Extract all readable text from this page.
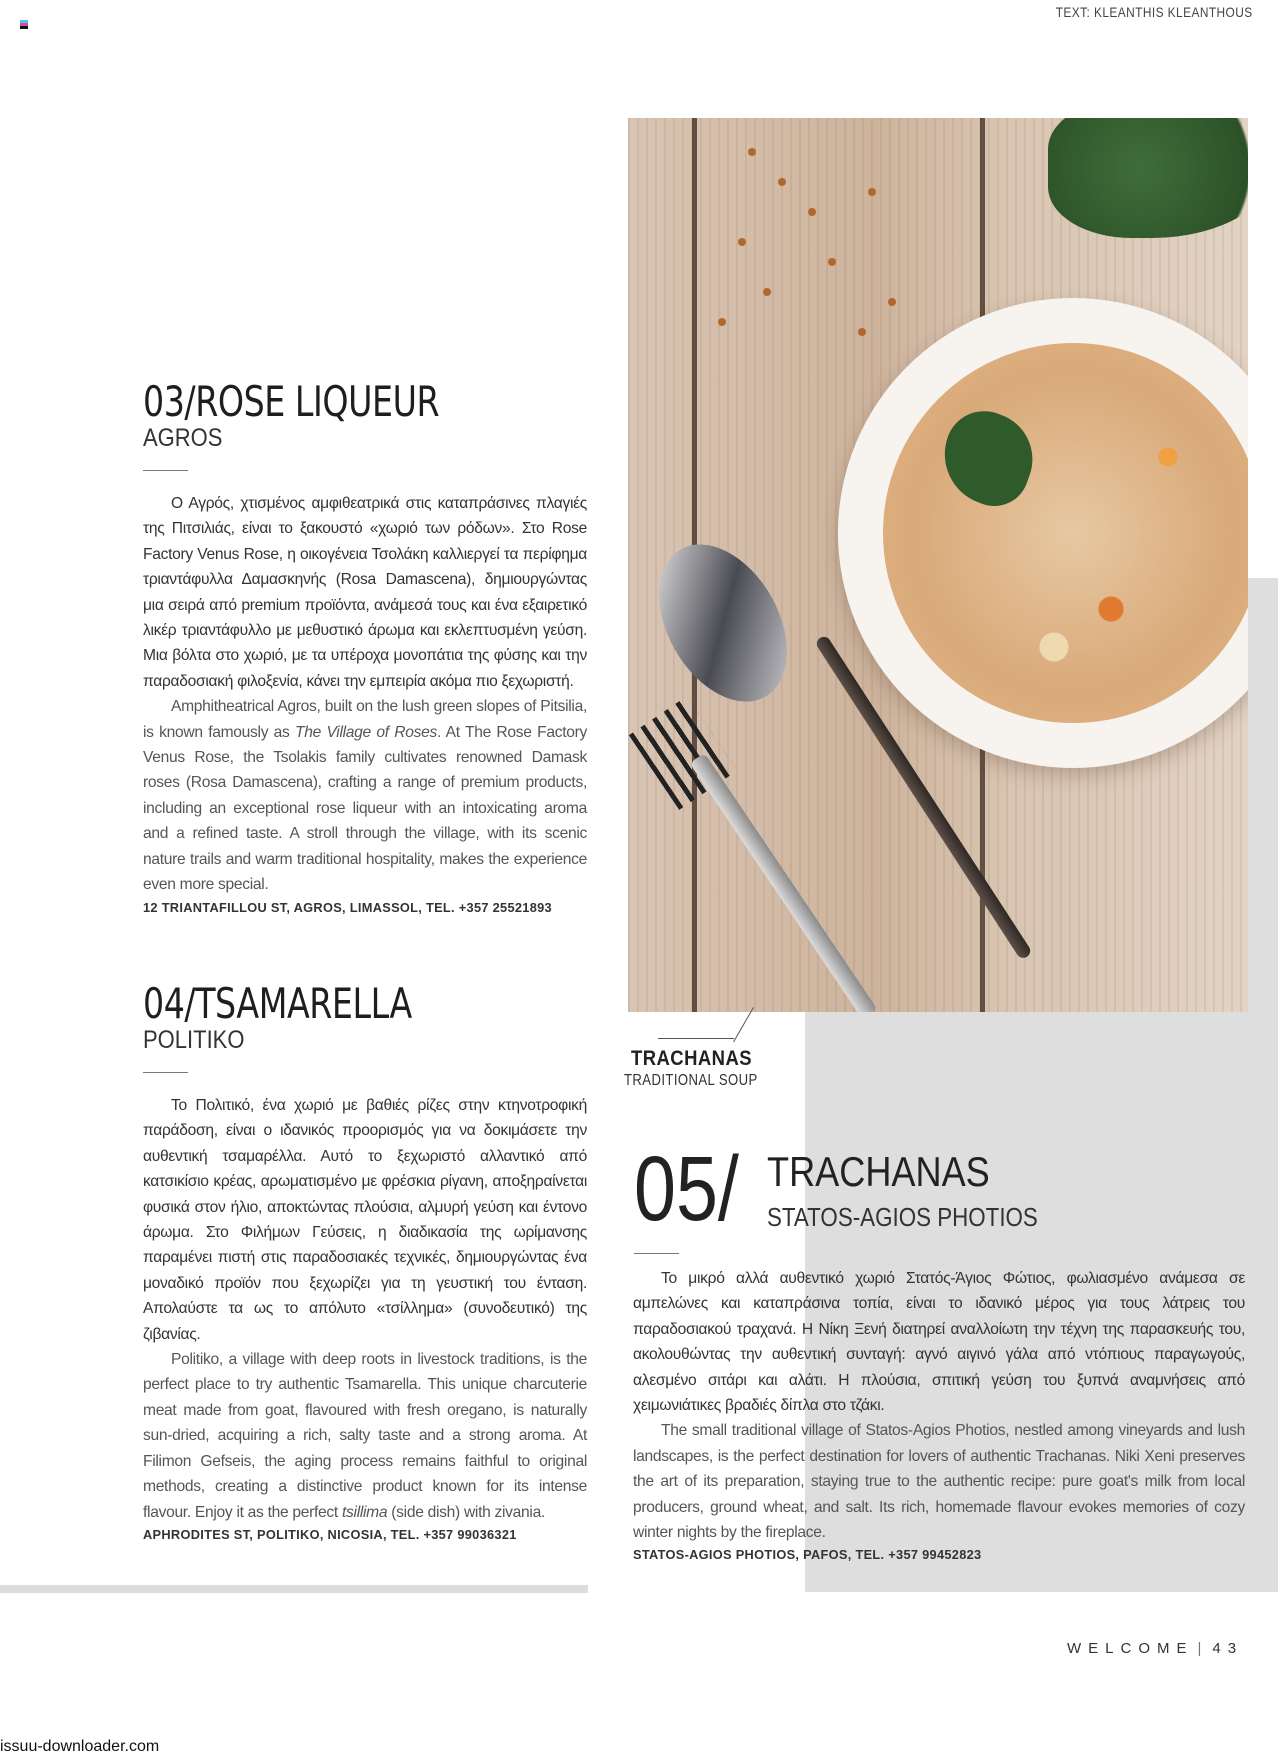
TEXT: KLEANTHIS KLEANTHOUS
TRACHANAS
TRADITIONAL SOUP
03/ROSE LIQUEUR
AGROS

Ο Αγρός, χτισμένος αμφιθεατρικά στις καταπράσινες πλαγιές της Πιτσιλιάς, είναι το ξακουστό «χωριό των ρόδων». Στο Rose Factory Venus Rose, η οικογένεια Τσολάκη καλλιεργεί τα περίφημα τριαντάφυλλα Δαμασκηνής (Rosa Damascena), δημιουργώντας μια σειρά από premium προϊόντα, ανάμεσά τους και ένα εξαιρετικό λικέρ τριαντάφυλλο με μεθυστικό άρωμα και εκλεπτυσμένη γεύση. Μια βόλτα στο χωριό, με τα υπέροχα μονοπάτια της φύσης και την παραδοσιακή φιλοξενία, κάνει την εμπειρία ακόμα πιο ξεχωριστή.

Amphitheatrical Agros, built on the lush green slopes of Pitsilia, is known famously as The Village of Roses. At The Rose Factory Venus Rose, the Tsolakis family cultivates renowned Damask roses (Rosa Damascena), crafting a range of premium products, including an exceptional rose liqueur with an intoxicating aroma and a refined taste. A stroll through the village, with its scenic nature trails and warm traditional hospitality, makes the experience even more special.

12 TRIANTAFILLOU ST, AGROS, LIMASSOL, TEL. +357 25521893
04/TSAMARELLA
POLITIKO

Το Πολιτικό, ένα χωριό με βαθιές ρίζες στην κτηνοτροφική παράδοση, είναι ο ιδανικός προορισμός για να δοκιμάσετε την αυθεντική τσαμαρέλλα. Αυτό το ξεχωριστό αλλαντικό από κατσικίσιο κρέας, αρωματισμένο με φρέσκια ρίγανη, αποξηραίνεται φυσικά στον ήλιο, αποκτώντας πλούσια, αλμυρή γεύση και έντονο άρωμα. Στο Φιλήμων Γεύσεις, η διαδικασία της ωρίμανσης παραμένει πιστή στις παραδοσιακές τεχνικές, δημιουργώντας ένα μοναδικό προϊόν που ξεχωρίζει για τη γευστική του ένταση. Απολαύστε τα ως το απόλυτο «τσίλλημα» (συνοδευτικό) της ζιβανίας.

Politiko, a village with deep roots in livestock traditions, is the perfect place to try authentic Tsamarella. This unique charcuterie meat made from goat, flavoured with fresh oregano, is naturally sun-dried, acquiring a rich, salty taste and a strong aroma. At Filimon Gefseis, the aging process remains faithful to original methods, creating a distinctive product known for its intense flavour. Enjoy it as the perfect tsillima (side dish) with zivania.

APHRODITES ST, POLITIKO, NICOSIA, TEL. +357 99036321
05/ TRACHANAS
STATOS-AGIOS PHOTIOS

Το μικρό αλλά αυθεντικό χωριό Στατός-Άγιος Φώτιος, φωλιασμένο ανάμεσα σε αμπελώνες και καταπράσινα τοπία, είναι το ιδανικό μέρος για τους λάτρεις του παραδοσιακού τραχανά. Η Νίκη Ξενή διατηρεί αναλλοίωτη την τέχνη της παρασκευής του, ακολουθώντας την αυθεντική συνταγή: αγνό αιγινό γάλα από ντόπιους παραγωγούς, αλεσμένο σιτάρι και αλάτι. Η πλούσια, σπιτική γεύση του ξυπνά αναμνήσεις από χειμωνιάτικες βραδιές δίπλα στο τζάκι.

The small traditional village of Statos-Agios Photios, nestled among vineyards and lush landscapes, is the perfect destination for lovers of authentic Trachanas. Niki Xeni preserves the art of its preparation, staying true to the authentic recipe: pure goat's milk from local producers, ground wheat, and salt. Its rich, homemade flavour evokes memories of cozy winter nights by the fireplace.

STATOS-AGIOS PHOTIOS, PAFOS, TEL. +357 99452823
WELCOME | 43
issuu-downloader.com
